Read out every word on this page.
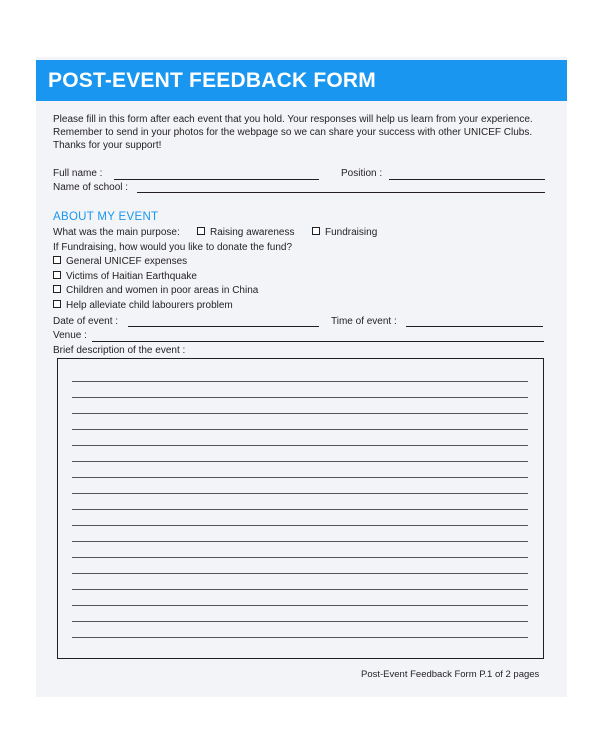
POST-EVENT FEEDBACK FORM
Please fill in this form after each event that you hold. Your responses will help us learn from your experience. Remember to send in your photos for the webpage so we can share your success with other UNICEF Clubs. Thanks for your support!
Full name :	Position :
Name of school :
ABOUT MY EVENT
What was the main purpose:	Raising awareness	Fundraising
If Fundraising, how would you like to donate the fund?
General UNICEF expenses
Victims of Haitian Earthquake
Children and women in poor areas in China
Help alleviate child labourers problem
Date of event :	Time of event :
Venue :
Brief description of the event :
Post-Event Feedback Form P.1 of 2 pages
